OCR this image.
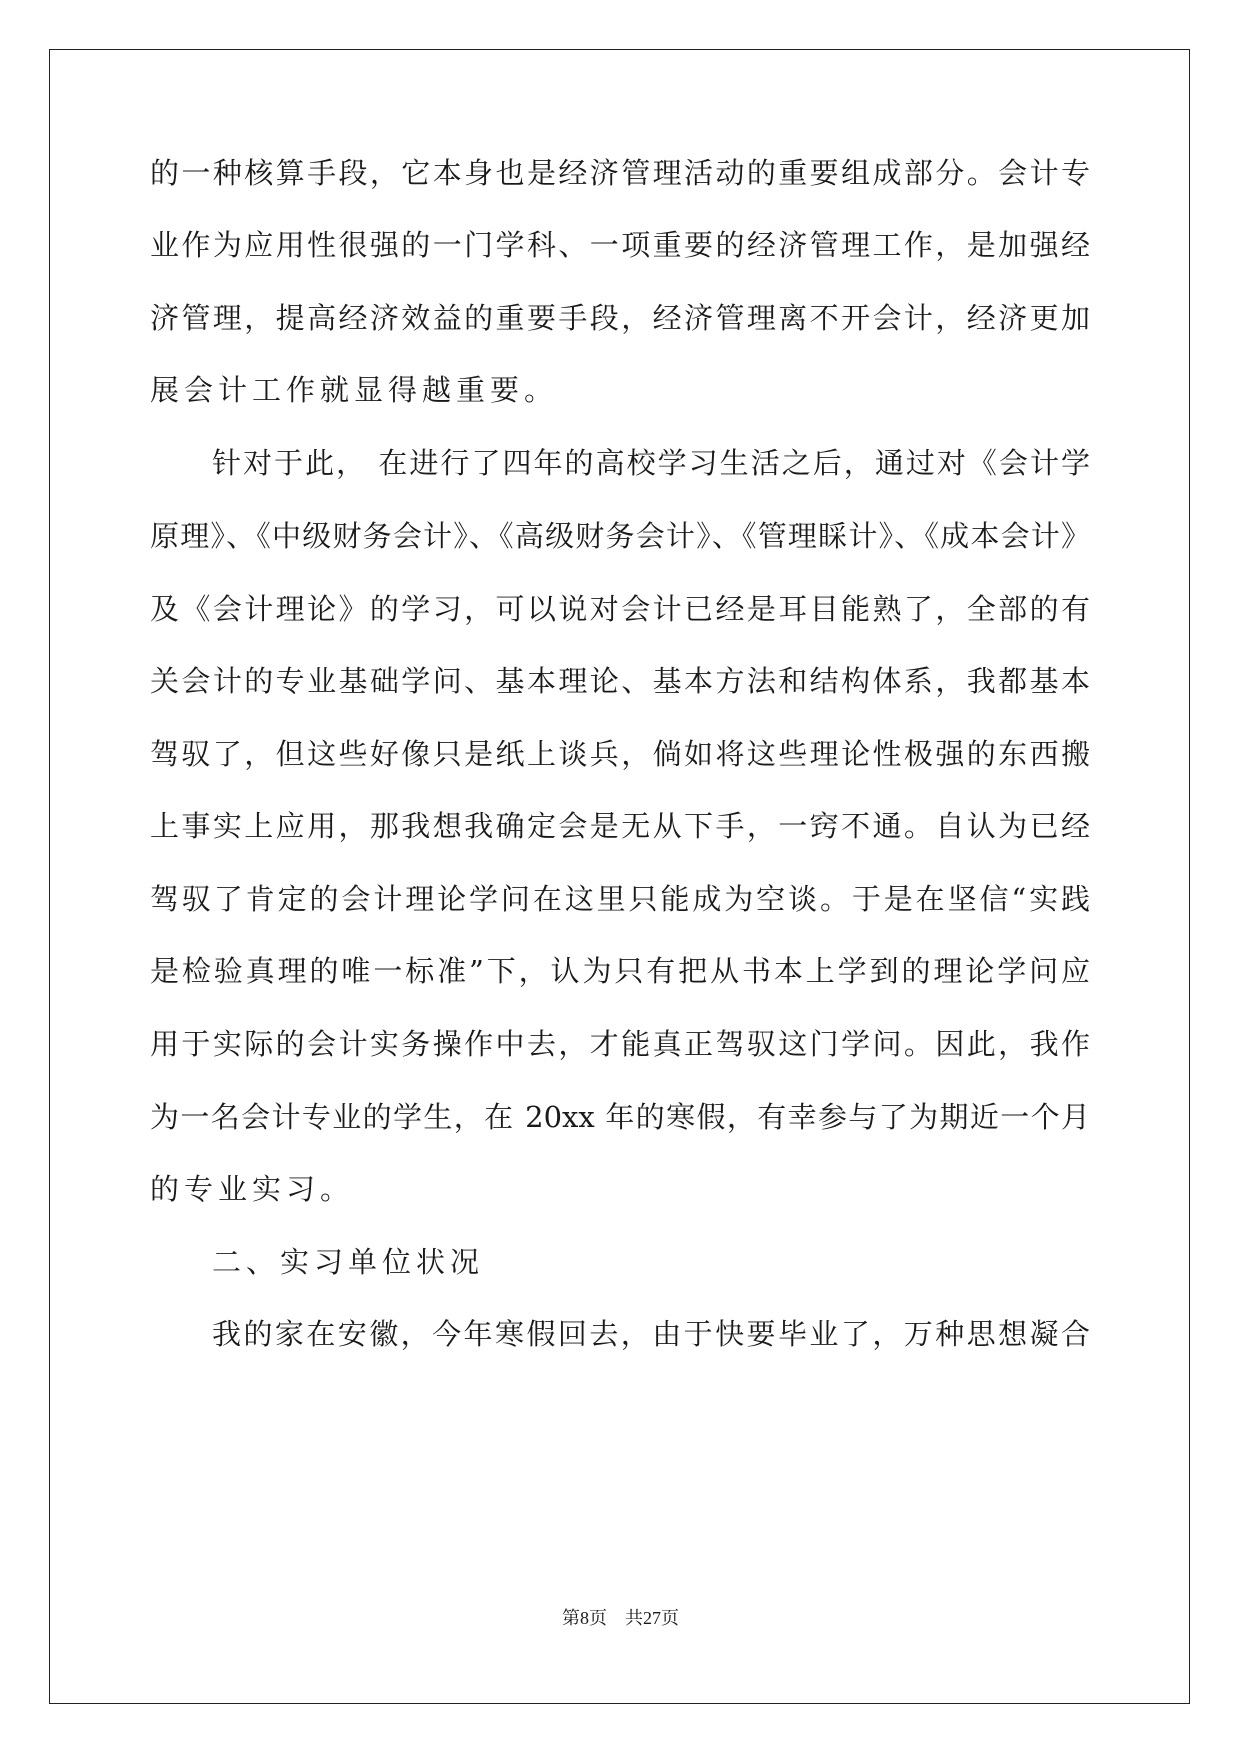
的一种核算手段，它本身也是经济管理活动的重要组成部分。会计专
业作为应用性很强的一门学科、一项重要的经济管理工作，是加强经
济管理，提高经济效益的重要手段，经济管理离不开会计，经济更加
展会计工作就显得越重要。
针对于此， 在进行了四年的高校学习生活之后，通过对《会计学
原理》、《中级财务会计》、《高级财务会计》、《管理睬计》、《成本会计》
及《会计理论》的学习，可以说对会计已经是耳目能熟了，全部的有
关会计的专业基础学问、基本理论、基本方法和结构体系，我都基本
驾驭了，但这些好像只是纸上谈兵，倘如将这些理论性极强的东西搬
上事实上应用，那我想我确定会是无从下手，一窍不通。自认为已经
驾驭了肯定的会计理论学问在这里只能成为空谈。于是在坚信“实践
是检验真理的唯一标准”下，认为只有把从书本上学到的理论学问应
用于实际的会计实务操作中去，才能真正驾驭这门学问。因此，我作
为一名会计专业的学生，在 20xx 年的寒假，有幸参与了为期近一个月
的专业实习。
二、实习单位状况
我的家在安徽，今年寒假回去，由于快要毕业了，万种思想凝合
第8页　共27页
